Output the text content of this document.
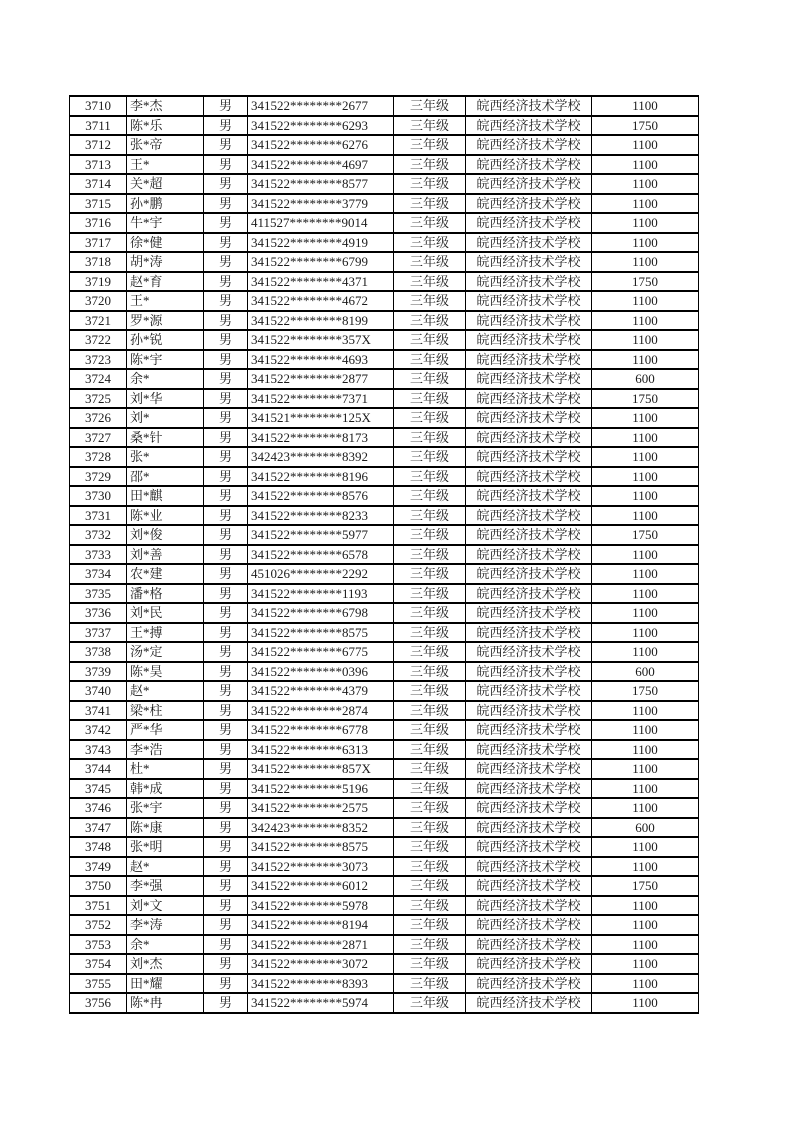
3710	李*杰	男	341522********2677	三年级	皖西经济技术学校	1100
3711	陈*乐	男	341522********6293	三年级	皖西经济技术学校	1750
3712	张*帝	男	341522********6276	三年级	皖西经济技术学校	1100
3713	王*	男	341522********4697	三年级	皖西经济技术学校	1100
3714	关*超	男	341522********8577	三年级	皖西经济技术学校	1100
3715	孙*鹏	男	341522********3779	三年级	皖西经济技术学校	1100
3716	牛*宇	男	411527********9014	三年级	皖西经济技术学校	1100
3717	徐*健	男	341522********4919	三年级	皖西经济技术学校	1100
3718	胡*涛	男	341522********6799	三年级	皖西经济技术学校	1100
3719	赵*育	男	341522********4371	三年级	皖西经济技术学校	1750
3720	王*	男	341522********4672	三年级	皖西经济技术学校	1100
3721	罗*源	男	341522********8199	三年级	皖西经济技术学校	1100
3722	孙*锐	男	341522********357X	三年级	皖西经济技术学校	1100
3723	陈*宇	男	341522********4693	三年级	皖西经济技术学校	1100
3724	余*	男	341522********2877	三年级	皖西经济技术学校	600
3725	刘*华	男	341522********7371	三年级	皖西经济技术学校	1750
3726	刘*	男	341521********125X	三年级	皖西经济技术学校	1100
3727	桑*针	男	341522********8173	三年级	皖西经济技术学校	1100
3728	张*	男	342423********8392	三年级	皖西经济技术学校	1100
3729	邵*	男	341522********8196	三年级	皖西经济技术学校	1100
3730	田*麒	男	341522********8576	三年级	皖西经济技术学校	1100
3731	陈*业	男	341522********8233	三年级	皖西经济技术学校	1100
3732	刘*俊	男	341522********5977	三年级	皖西经济技术学校	1750
3733	刘*善	男	341522********6578	三年级	皖西经济技术学校	1100
3734	农*建	男	451026********2292	三年级	皖西经济技术学校	1100
3735	潘*格	男	341522********1193	三年级	皖西经济技术学校	1100
3736	刘*民	男	341522********6798	三年级	皖西经济技术学校	1100
3737	王*搏	男	341522********8575	三年级	皖西经济技术学校	1100
3738	汤*定	男	341522********6775	三年级	皖西经济技术学校	1100
3739	陈*昊	男	341522********0396	三年级	皖西经济技术学校	600
3740	赵*	男	341522********4379	三年级	皖西经济技术学校	1750
3741	梁*柱	男	341522********2874	三年级	皖西经济技术学校	1100
3742	严*华	男	341522********6778	三年级	皖西经济技术学校	1100
3743	李*浩	男	341522********6313	三年级	皖西经济技术学校	1100
3744	杜*	男	341522********857X	三年级	皖西经济技术学校	1100
3745	韩*成	男	341522********5196	三年级	皖西经济技术学校	1100
3746	张*宇	男	341522********2575	三年级	皖西经济技术学校	1100
3747	陈*康	男	342423********8352	三年级	皖西经济技术学校	600
3748	张*明	男	341522********8575	三年级	皖西经济技术学校	1100
3749	赵*	男	341522********3073	三年级	皖西经济技术学校	1100
3750	李*强	男	341522********6012	三年级	皖西经济技术学校	1750
3751	刘*文	男	341522********5978	三年级	皖西经济技术学校	1100
3752	李*涛	男	341522********8194	三年级	皖西经济技术学校	1100
3753	余*	男	341522********2871	三年级	皖西经济技术学校	1100
3754	刘*杰	男	341522********3072	三年级	皖西经济技术学校	1100
3755	田*耀	男	341522********8393	三年级	皖西经济技术学校	1100
3756	陈*冉	男	341522********5974	三年级	皖西经济技术学校	1100
